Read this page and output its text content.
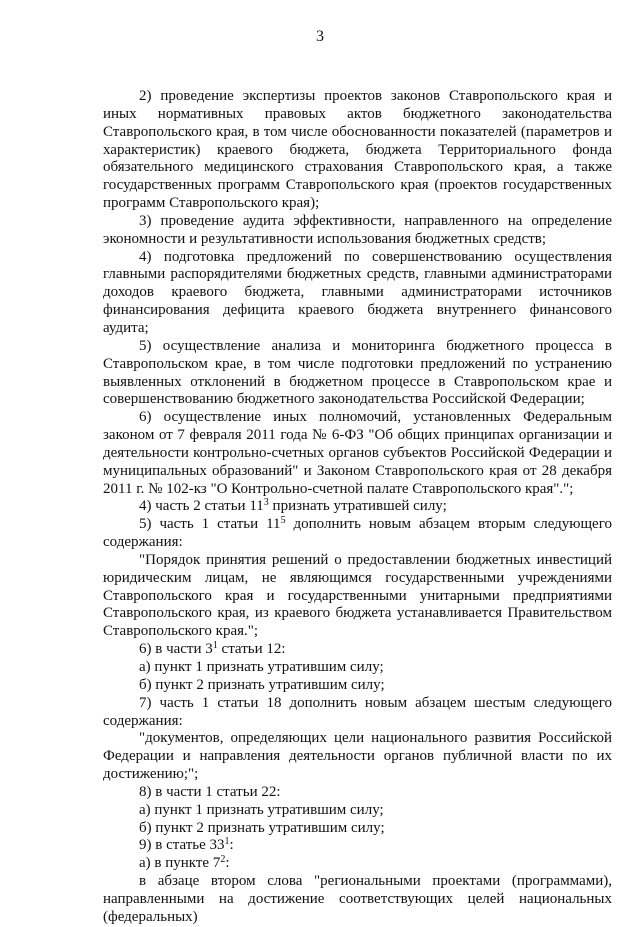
3

2) проведение экспертизы проектов законов Ставропольского края и иных нормативных правовых актов бюджетного законодательства Ставропольского края, в том числе обоснованности показателей (параметров и характеристик) краевого бюджета, бюджета Территориального фонда обязательного медицинского страхования Ставропольского края, а также государственных программ Ставропольского края (проектов государственных программ Ставропольского края);

3) проведение аудита эффективности, направленного на определение экономности и результативности использования бюджетных средств;

4) подготовка предложений по совершенствованию осуществления главными распорядителями бюджетных средств, главными администраторами доходов краевого бюджета, главными администраторами источников финансирования дефицита краевого бюджета внутреннего финансового аудита;

5) осуществление анализа и мониторинга бюджетного процесса в Ставропольском крае, в том числе подготовки предложений по устранению выявленных отклонений в бюджетном процессе в Ставропольском крае и совершенствованию бюджетного законодательства Российской Федерации;

6) осуществление иных полномочий, установленных Федеральным законом от 7 февраля 2011 года № 6-ФЗ "Об общих принципах организации и деятельности контрольно-счетных органов субъектов Российской Федерации и муниципальных образований" и Законом Ставропольского края от 28 декабря 2011 г. № 102-кз "О Контрольно-счетной палате Ставропольского края".";

4) часть 2 статьи $11^3$ признать утратившей силу;

5) часть 1 статьи $11^5$ дополнить новым абзацем вторым следующего содержания:

"Порядок принятия решений о предоставлении бюджетных инвестиций юридическим лицам, не являющимся государственными учреждениями Ставропольского края и государственными унитарными предприятиями Ставропольского края, из краевого бюджета устанавливается Правительством Ставропольского края.";

6) в части $3^1$ статьи 12:

а) пункт 1 признать утратившим силу;

б) пункт 2 признать утратившим силу;

7) часть 1 статьи 18 дополнить новым абзацем шестым следующего содержания:

"документов, определяющих цели национального развития Российской Федерации и направления деятельности органов публичной власти по их достижению;";

8) в части 1 статьи 22:

а) пункт 1 признать утратившим силу;

б) пункт 2 признать утратившим силу;

9) в статье $33^1$:

а) в пункте $7^2$:

в абзаце втором слова "региональными проектами (программами), направленными на достижение соответствующих целей национальных (федеральных)
